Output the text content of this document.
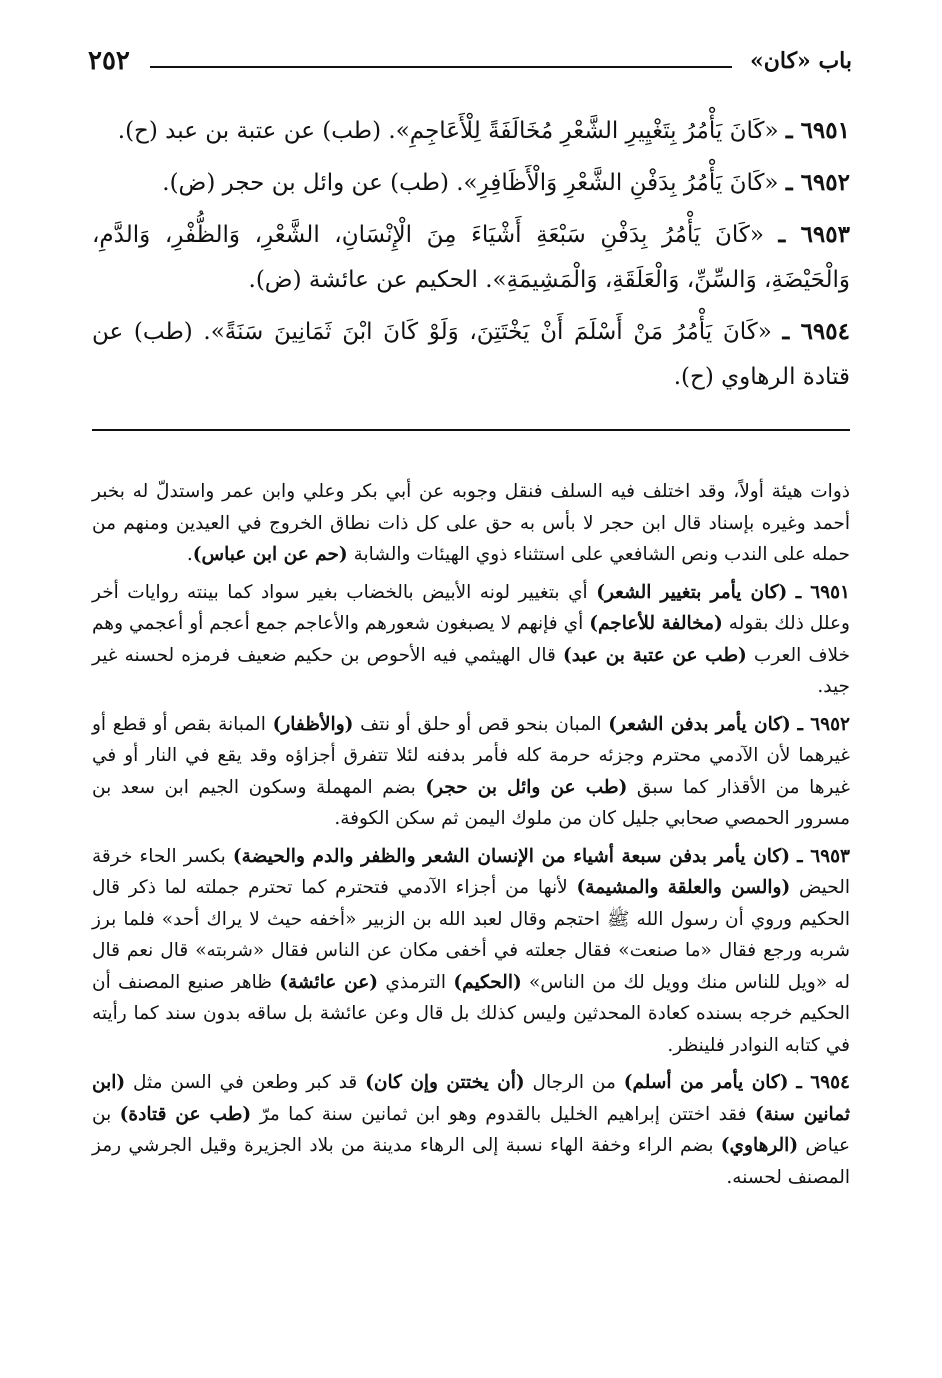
٢٥٢	باب «كان»

٦٩٥١ ـ «كَانَ يَأْمُرُ بِتَغْيِيرِ الشَّعْرِ مُخَالَفَةً لِلْأَعَاجِمِ». (طب) عن عتبة بن عبد (ح).

٦٩٥٢ ـ «كَانَ يَأْمُرُ بِدَفْنِ الشَّعْرِ وَالْأَظَافِرِ». (طب) عن وائل بن حجر (ض).

٦٩٥٣ ـ «كَانَ يَأْمُرُ بِدَفْنِ سَبْعَةِ أَشْيَاءَ مِنَ الْإِنْسَانِ، الشَّعْرِ، وَالظُّفْرِ، وَالدَّمِ، وَالْحَيْضَةِ، وَالسِّنِّ، وَالْعَلَقَةِ، وَالْمَشِيمَةِ». الحكيم عن عائشة (ض).

٦٩٥٤ ـ «كَانَ يَأْمُرُ مَنْ أَسْلَمَ أَنْ يَخْتَتِنَ، وَلَوْ كَانَ ابْنَ ثَمَانِينَ سَنَةً». (طب) عن قتادة الرهاوي (ح).

ذوات هيئة أولاً، وقد اختلف فيه السلف فنقل وجوبه عن أبي بكر وعلي وابن عمر واستدلّ له بخبر أحمد وغيره بإسناد قال ابن حجر لا بأس به حق على كل ذات نطاق الخروج في العيدين ومنهم من حمله على الندب ونص الشافعي على استثناء ذوي الهيئات والشابة (حم عن ابن عباس).

٦٩٥١ ـ (كان يأمر بتغيير الشعر) أي بتغيير لونه الأبيض بالخضاب بغير سواد كما بينته روايات أخر وعلل ذلك بقوله (مخالفة للأعاجم) أي فإنهم لا يصبغون شعورهم والأعاجم جمع أعجم أو أعجمي وهم خلاف العرب (طب عن عتبة بن عبد) قال الهيثمي فيه الأحوص بن حكيم ضعيف فرمزه لحسنه غير جيد.

٦٩٥٢ ـ (كان يأمر بدفن الشعر) المبان بنحو قص أو حلق أو نتف (والأظفار) المبانة بقص أو قطع أو غيرهما لأن الآدمي محترم وجزئه حرمة كله فأمر بدفنه لئلا تتفرق أجزاؤه وقد يقع في النار أو في غيرها من الأقذار كما سبق (طب عن وائل بن حجر) بضم المهملة وسكون الجيم ابن سعد بن مسرور الحمصي صحابي جليل كان من ملوك اليمن ثم سكن الكوفة.

٦٩٥٣ ـ (كان يأمر بدفن سبعة أشياء من الإنسان الشعر والظفر والدم والحيضة) بكسر الحاء خرقة الحيض (والسن والعلقة والمشيمة) لأنها من أجزاء الآدمي فتحترم كما تحترم جملته لما ذكر قال الحكيم وروي أن رسول الله ﷺ احتجم وقال لعبد الله بن الزبير «أخفه حيث لا يراك أحد» فلما برز شربه ورجع فقال «ما صنعت» فقال جعلته في أخفى مكان عن الناس فقال «شربته» قال نعم قال له «ويل للناس منك وويل لك من الناس» (الحكيم) الترمذي (عن عائشة) ظاهر صنيع المصنف أن الحكيم خرجه بسنده كعادة المحدثين وليس كذلك بل قال وعن عائشة بل ساقه بدون سند كما رأيته في كتابه النوادر فلينظر.

٦٩٥٤ ـ (كان يأمر من أسلم) من الرجال (أن يختتن وإن كان) قد كبر وطعن في السن مثل (ابن ثمانين سنة) فقد اختتن إبراهيم الخليل بالقدوم وهو ابن ثمانين سنة كما مرّ (طب عن قتادة) بن عياض (الرهاوي) بضم الراء وخفة الهاء نسبة إلى الرهاء مدينة من بلاد الجزيرة وقيل الجرشي رمز المصنف لحسنه.
